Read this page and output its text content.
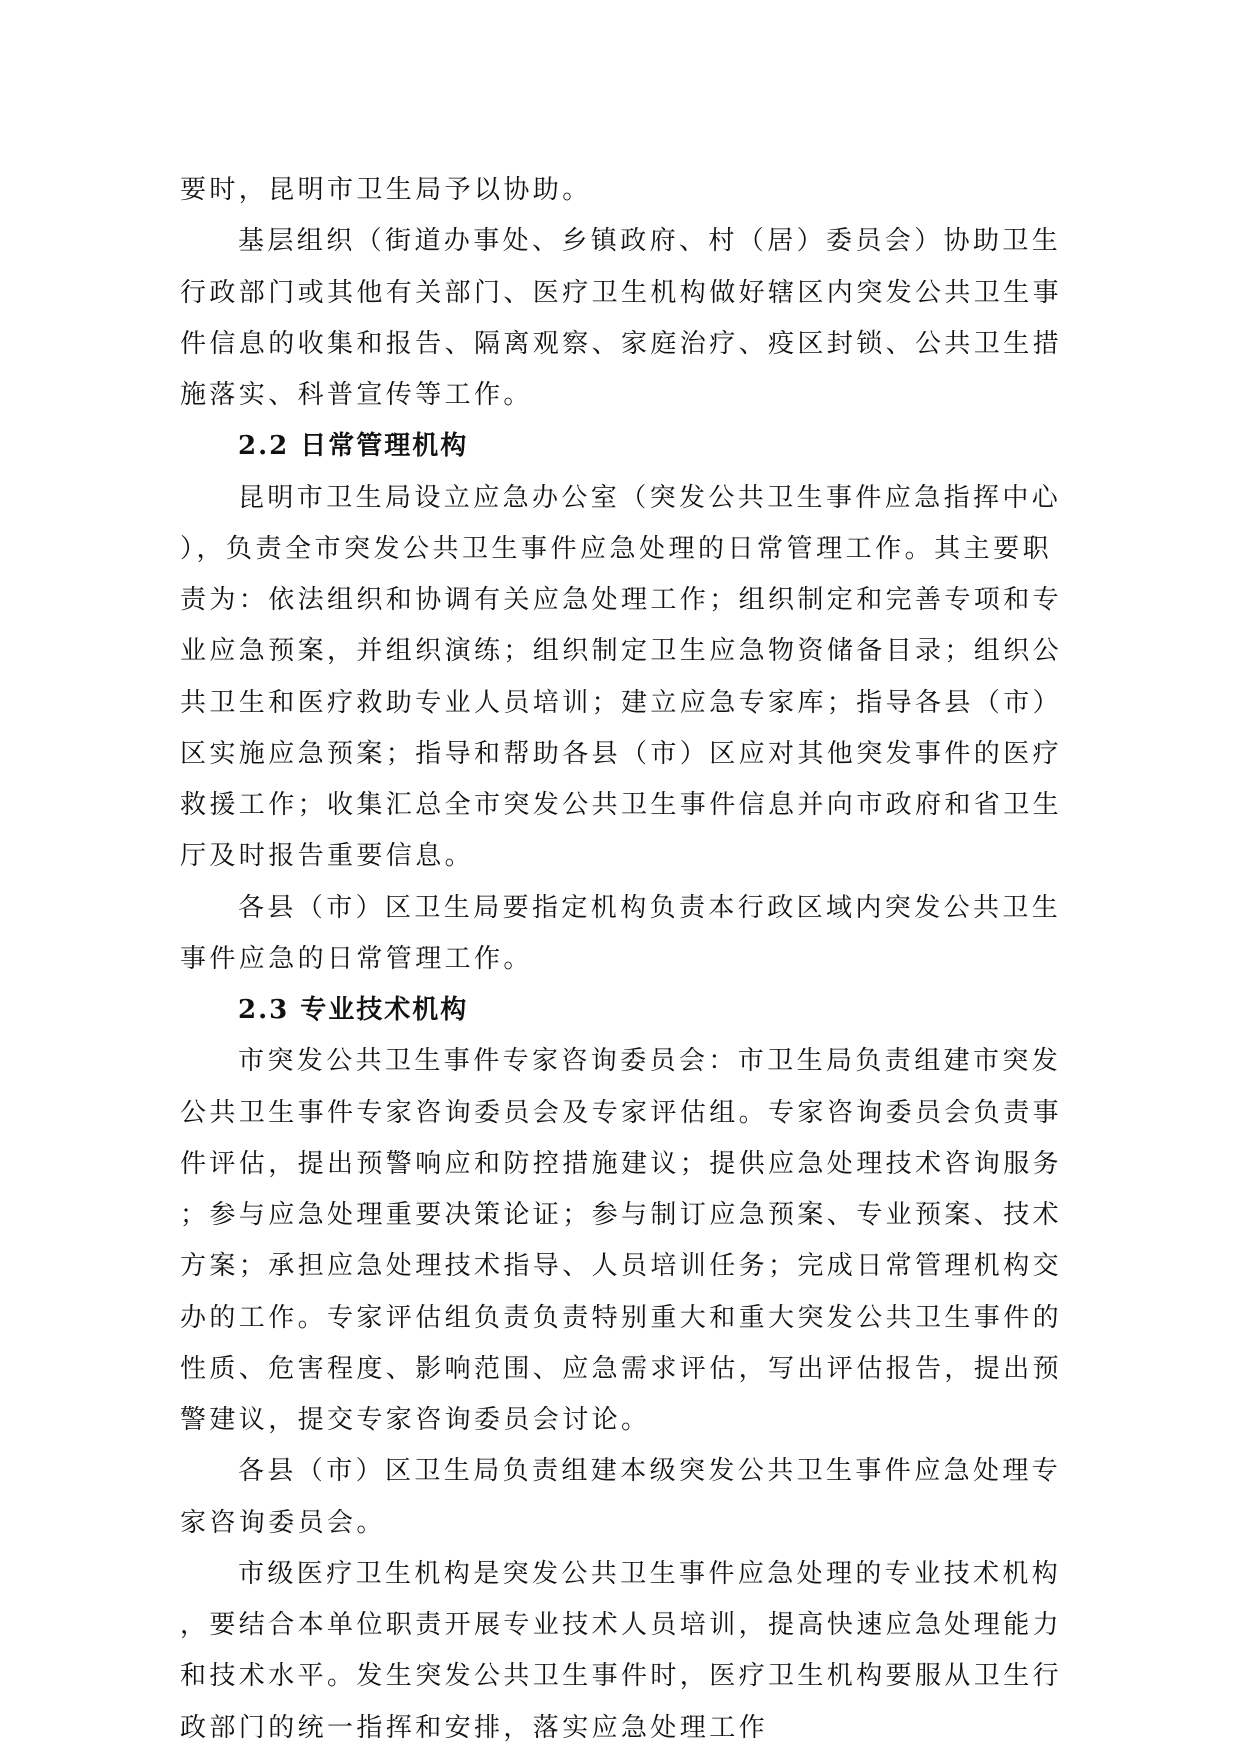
要时，昆明市卫生局予以协助。
基层组织（街道办事处、乡镇政府、村（居）委员会）协助卫生
行政部门或其他有关部门、医疗卫生机构做好辖区内突发公共卫生事
件信息的收集和报告、隔离观察、家庭治疗、疫区封锁、公共卫生措
施落实、科普宣传等工作。
2.2 日常管理机构
昆明市卫生局设立应急办公室（突发公共卫生事件应急指挥中心
），负责全市突发公共卫生事件应急处理的日常管理工作。其主要职
责为：依法组织和协调有关应急处理工作；组织制定和完善专项和专
业应急预案，并组织演练；组织制定卫生应急物资储备目录；组织公
共卫生和医疗救助专业人员培训；建立应急专家库；指导各县（市）
区实施应急预案；指导和帮助各县（市）区应对其他突发事件的医疗
救援工作；收集汇总全市突发公共卫生事件信息并向市政府和省卫生
厅及时报告重要信息。
各县（市）区卫生局要指定机构负责本行政区域内突发公共卫生
事件应急的日常管理工作。
2.3 专业技术机构
市突发公共卫生事件专家咨询委员会：市卫生局负责组建市突发
公共卫生事件专家咨询委员会及专家评估组。专家咨询委员会负责事
件评估，提出预警响应和防控措施建议；提供应急处理技术咨询服务
；参与应急处理重要决策论证；参与制订应急预案、专业预案、技术
方案；承担应急处理技术指导、人员培训任务；完成日常管理机构交
办的工作。专家评估组负责负责特别重大和重大突发公共卫生事件的
性质、危害程度、影响范围、应急需求评估，写出评估报告，提出预
警建议，提交专家咨询委员会讨论。
各县（市）区卫生局负责组建本级突发公共卫生事件应急处理专
家咨询委员会。
市级医疗卫生机构是突发公共卫生事件应急处理的专业技术机构
，要结合本单位职责开展专业技术人员培训，提高快速应急处理能力
和技术水平。发生突发公共卫生事件时，医疗卫生机构要服从卫生行
政部门的统一指挥和安排，落实应急处理工作
